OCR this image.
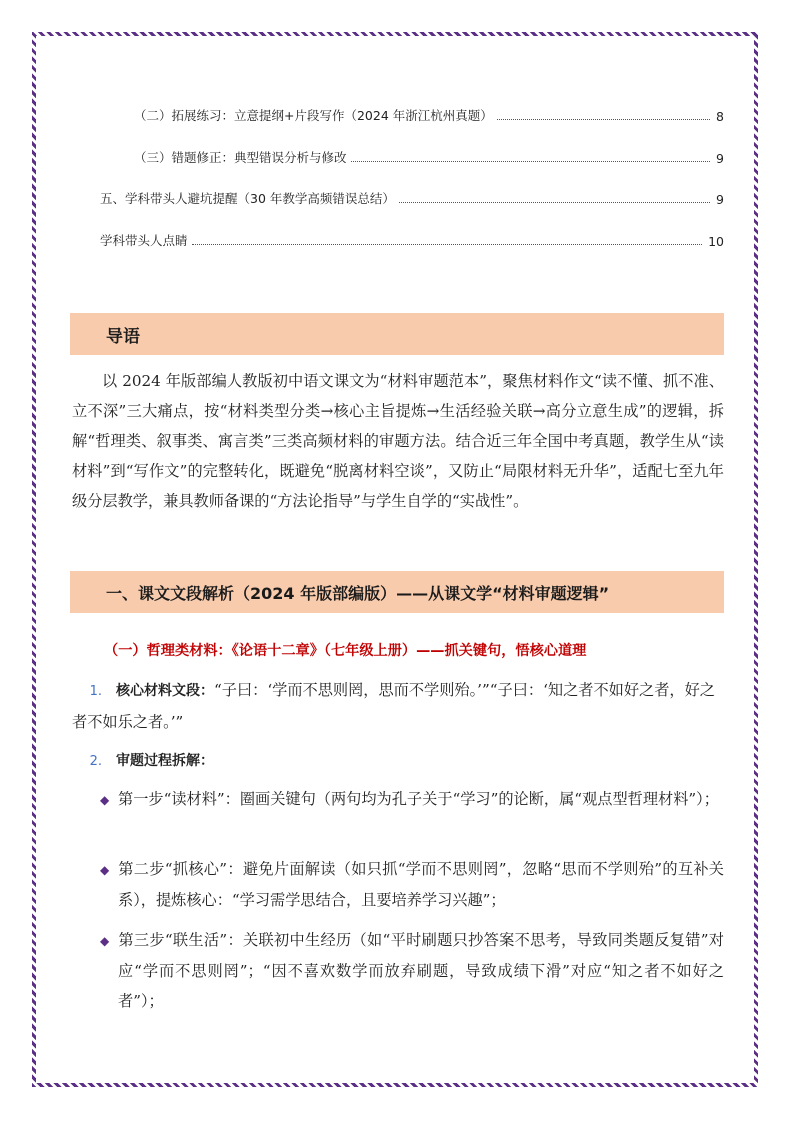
（二）拓展练习：立意提纲+片段写作（2024 年浙江杭州真题）	8
（三）错题修正：典型错误分析与修改	9
五、学科带头人避坑提醒（30 年教学高频错误总结）	9
学科带头人点睛	10
导语

以 2024 年版部编人教版初中语文课文为“材料审题范本”，聚焦材料作文“读不懂、抓不准、立不深”三大痛点，按“材料类型分类→核心主旨提炼→生活经验关联→高分立意生成”的逻辑，拆解“哲理类、叙事类、寓言类”三类高频材料的审题方法。结合近三年全国中考真题，教学生从“读材料”到“写作文”的完整转化，既避免“脱离材料空谈”，又防止“局限材料无升华”，适配七至九年级分层教学，兼具教师备课的“方法论指导”与学生自学的“实战性”。

一、课文文段解析（2024 年版部编版）——从课文学“材料审题逻辑”
（一）哲理类材料：《论语十二章》（七年级上册）——抓关键句，悟核心道理

1. 核心材料文段：“子曰：‘学而不思则罔，思而不学则殆。’”“子曰：‘知之者不如好之者，好之者不如乐之者。’”

2. 审题过程拆解：

◆ 第一步“读材料”：圈画关键句（两句均为孔子关于“学习”的论断，属“观点型哲理材料”）；

◆ 第二步“抓核心”：避免片面解读（如只抓“学而不思则罔”，忽略“思而不学则殆”的互补关系），提炼核心：“学习需学思结合，且要培养学习兴趣”；

◆ 第三步“联生活”：关联初中生经历（如“平时刷题只抄答案不思考，导致同类题反复错”对应“学而不思则罔”；“因不喜欢数学而放弃刷题，导致成绩下滑”对应“知之者不如好之者”）；
